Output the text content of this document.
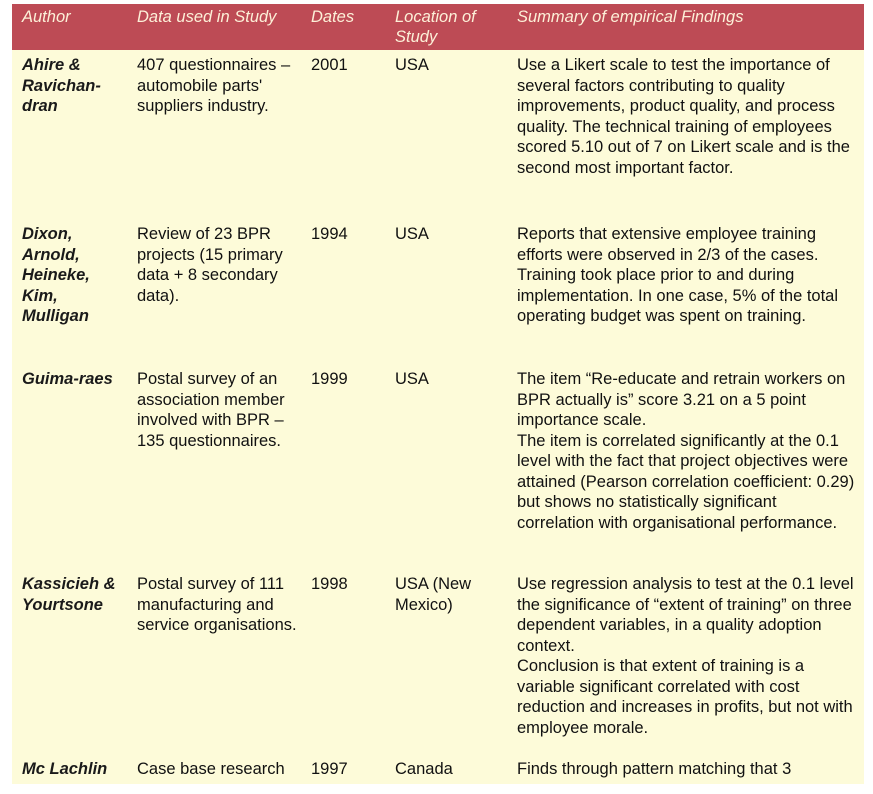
Author	Data used in Study	Dates	Location of Study	Summary of empirical Findings
Ahire & Ravichan-dran	407 questionnaires – automobile parts' suppliers industry.	2001	USA	Use a Likert scale to test the importance of several factors contributing to quality improvements, product quality, and process quality. The technical training of employees scored 5.10 out of 7 on Likert scale and is the second most important factor.
Dixon, Arnold, Heineke, Kim, Mulligan	Review of 23 BPR projects (15 primary data + 8 secondary data).	1994	USA	Reports that extensive employee training efforts were observed in 2/3 of the cases. Training took place prior to and during implementation. In one case, 5% of the total operating budget was spent on training.
Guima-raes	Postal survey of an association member involved with BPR – 135 questionnaires.	1999	USA	The item “Re-educate and retrain workers on BPR actually is” score 3.21 on a 5 point importance scale.
The item is correlated significantly at the 0.1 level with the fact that project objectives were attained (Pearson correlation coefficient: 0.29) but shows no statistically significant correlation with organisational performance.
Kassicieh & Yourtsone	Postal survey of 111 manufacturing and service organisations.	1998	USA (New Mexico)	Use regression analysis to test at the 0.1 level the significance of “extent of training” on three dependent variables, in a quality adoption context.
Conclusion is that extent of training is a variable significant correlated with cost reduction and increases in profits, but not with employee morale.
Mc Lachlin	Case base research	1997	Canada	Finds through pattern matching that 3
